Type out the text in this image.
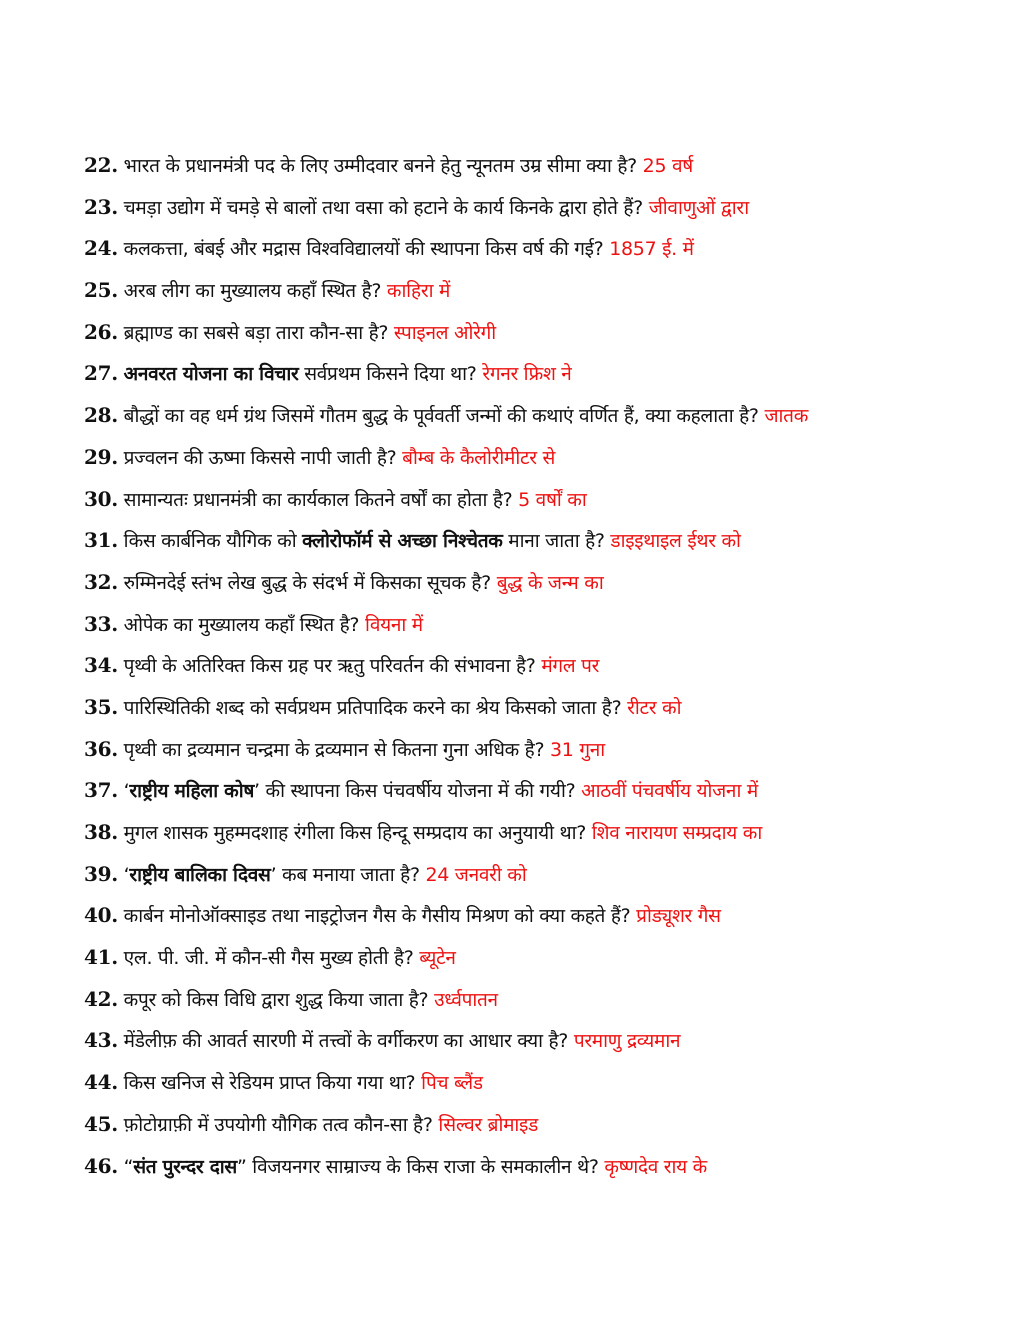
22. भारत के प्रधानमंत्री पद के लिए उम्मीदवार बनने हेतु न्यूनतम उम्र सीमा क्या है? 25 वर्ष
23. चमड़ा उद्योग में चमड़े से बालों तथा वसा को हटाने के कार्य किनके द्वारा होते हैं? जीवाणुओं द्वारा
24. कलकत्ता, बंबई और मद्रास विश्वविद्यालयों की स्थापना किस वर्ष की गई? 1857 ई. में
25. अरब लीग का मुख्यालय कहाँ स्थित है? काहिरा में
26. ब्रह्माण्ड का सबसे बड़ा तारा कौन-सा है? स्पाइनल ओरेगी
27. अनवरत योजना का विचार सर्वप्रथम किसने दिया था? रेगनर फ्रिश ने
28. बौद्धों का वह धर्म ग्रंथ जिसमें गौतम बुद्ध के पूर्ववर्ती जन्मों की कथाएं वर्णित हैं, क्या कहलाता है? जातक
29. प्रज्वलन की ऊष्मा किससे नापी जाती है? बौम्ब के कैलोरीमीटर से
30. सामान्यतः प्रधानमंत्री का कार्यकाल कितने वर्षों का होता है? 5 वर्षों का
31. किस कार्बनिक यौगिक को क्लोरोफॉर्म से अच्छा निश्चेतक माना जाता है? डाइइथाइल ईथर को
32. रुम्मिनदेई स्तंभ लेख बुद्ध के संदर्भ में किसका सूचक है? बुद्ध के जन्म का
33. ओपेक का मुख्यालय कहाँ स्थित है? वियना में
34. पृथ्वी के अतिरिक्त किस ग्रह पर ऋतु परिवर्तन की संभावना है? मंगल पर
35. पारिस्थितिकी शब्द को सर्वप्रथम प्रतिपादिक करने का श्रेय किसको जाता है? रीटर को
36. पृथ्वी का द्रव्यमान चन्द्रमा के द्रव्यमान से कितना गुना अधिक है? 31 गुना
37. ‘राष्ट्रीय महिला कोष’ की स्थापना किस पंचवर्षीय योजना में की गयी? आठवीं पंचवर्षीय योजना में
38. मुगल शासक मुहम्मदशाह रंगीला किस हिन्दू सम्प्रदाय का अनुयायी था? शिव नारायण सम्प्रदाय का
39. ‘राष्ट्रीय बालिका दिवस’ कब मनाया जाता है? 24 जनवरी को
40. कार्बन मोनोऑक्साइड तथा नाइट्रोजन गैस के गैसीय मिश्रण को क्या कहते हैं? प्रोड्यूशर गैस
41. एल. पी. जी. में कौन-सी गैस मुख्य होती है? ब्यूटेन
42. कपूर को किस विधि द्वारा शुद्ध किया जाता है? उर्ध्वपातन
43. मेंडेलीफ़ की आवर्त सारणी में तत्त्वों के वर्गीकरण का आधार क्या है? परमाणु द्रव्यमान
44. किस खनिज से रेडियम प्राप्त किया गया था? पिच ब्लैंड
45. फ़ोटोग्राफ़ी में उपयोगी यौगिक तत्व कौन-सा है? सिल्वर ब्रोमाइड
46. “संत पुरन्दर दास” विजयनगर साम्राज्य के किस राजा के समकालीन थे? कृष्णदेव राय के
